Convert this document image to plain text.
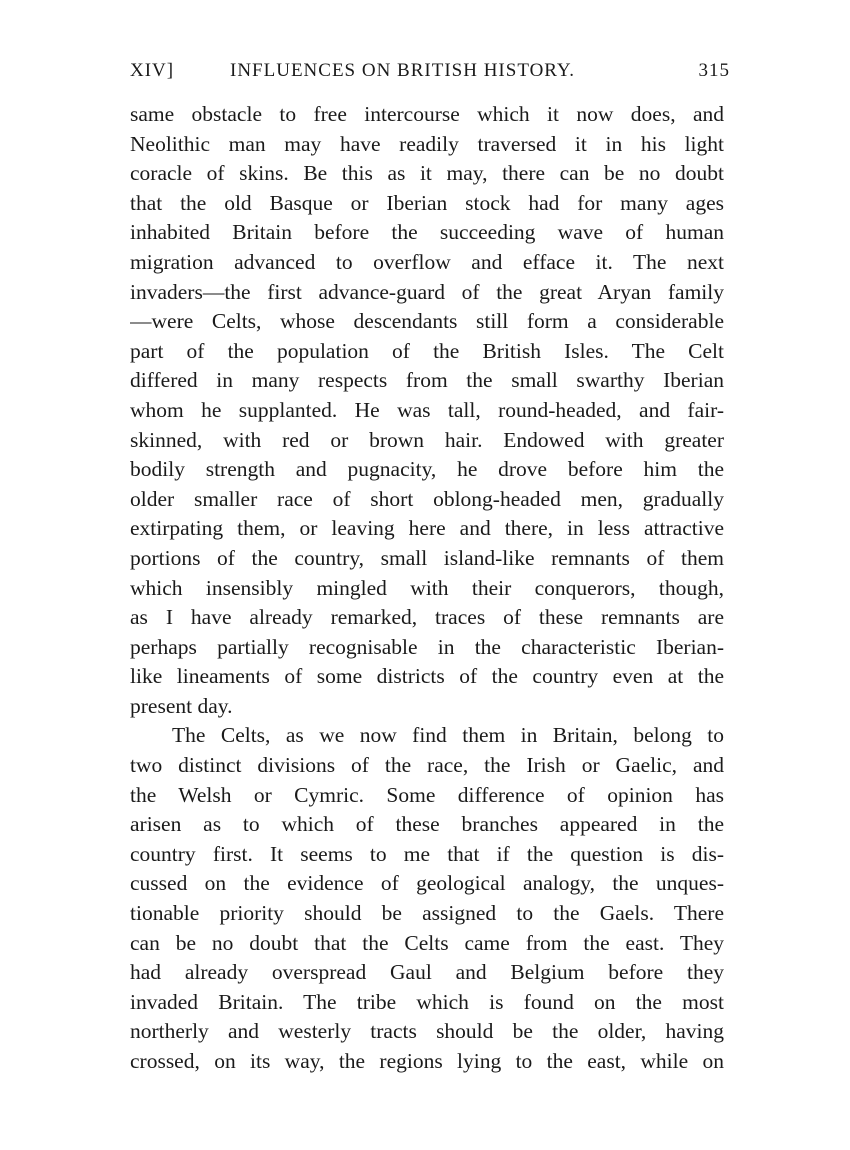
XIV]	INFLUENCES ON BRITISH HISTORY.	315
same obstacle to free intercourse which it now does, and
Neolithic man may have readily traversed it in his light
coracle of skins. Be this as it may, there can be no doubt
that the old Basque or Iberian stock had for many ages
inhabited Britain before the succeeding wave of human
migration advanced to overflow and efface it. The next
invaders—the first advance-guard of the great Aryan family
—were Celts, whose descendants still form a considerable
part of the population of the British Isles. The Celt
differed in many respects from the small swarthy Iberian
whom he supplanted. He was tall, round-headed, and fair-
skinned, with red or brown hair. Endowed with greater
bodily strength and pugnacity, he drove before him the
older smaller race of short oblong-headed men, gradually
extirpating them, or leaving here and there, in less attractive
portions of the country, small island-like remnants of them
which insensibly mingled with their conquerors, though,
as I have already remarked, traces of these remnants are
perhaps partially recognisable in the characteristic Iberian-
like lineaments of some districts of the country even at the
present day.
The Celts, as we now find them in Britain, belong to
two distinct divisions of the race, the Irish or Gaelic, and
the Welsh or Cymric. Some difference of opinion has
arisen as to which of these branches appeared in the
country first. It seems to me that if the question is dis-
cussed on the evidence of geological analogy, the unques-
tionable priority should be assigned to the Gaels. There
can be no doubt that the Celts came from the east. They
had already overspread Gaul and Belgium before they
invaded Britain. The tribe which is found on the most
northerly and westerly tracts should be the older, having
crossed, on its way, the regions lying to the east, while on
